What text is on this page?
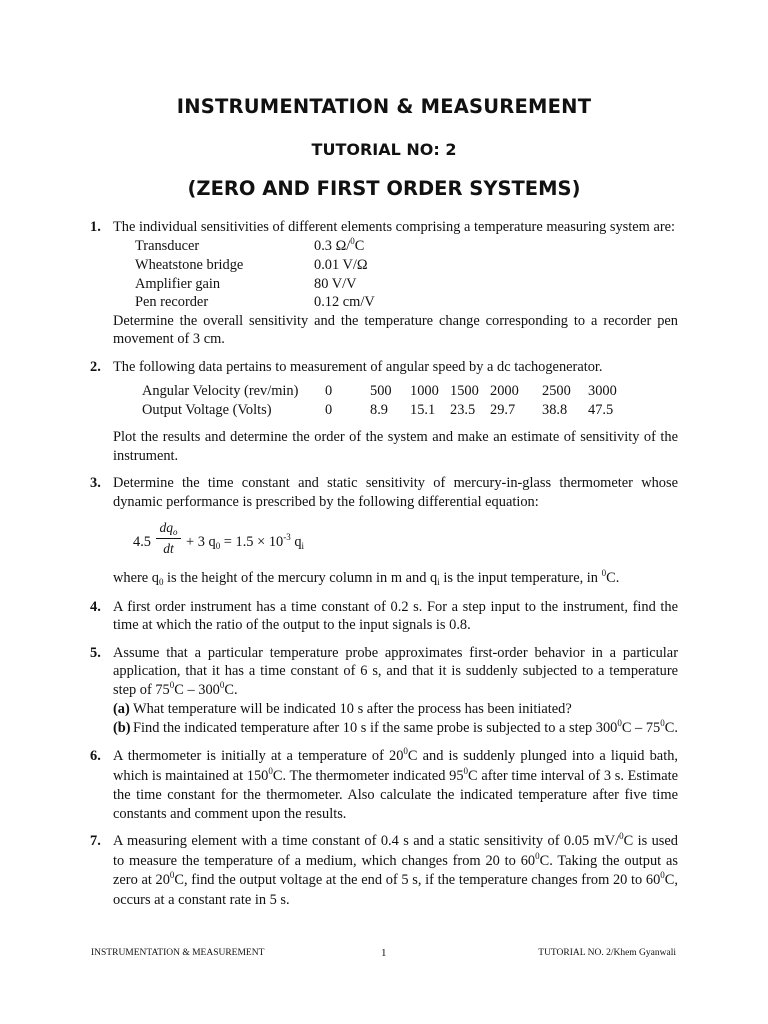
INSTRUMENTATION & MEASUREMENT
TUTORIAL NO: 2
(ZERO AND FIRST ORDER SYSTEMS)
1. The individual sensitivities of different elements comprising a temperature measuring system are:
Transducer	0.3 Ω/$^0$C
Wheatstone bridge	0.01 V/Ω
Amplifier gain	80 V/V
Pen recorder	0.12 cm/V
Determine the overall sensitivity and the temperature change corresponding to a recorder pen movement of 3 cm.
2. The following data pertains to measurement of angular speed by a dc tachogenerator.
Angular Velocity (rev/min)	0	500	1000	1500	2000	2500	3000
Output Voltage (Volts)	0	8.9	15.1	23.5	29.7	38.8	47.5
Plot the results and determine the order of the system and make an estimate of sensitivity of the instrument.
3. Determine the time constant and static sensitivity of mercury-in-glass thermometer whose dynamic performance is prescribed by the following differential equation:
4.5
$dq_o$
dt + 3 $q_0 = 1.5 \times 10^{-3}$ $q_i$
where $q_0$ is the height of the mercury column in m and $q_i$ is the input temperature, in $^0$C.
4. A first order instrument has a time constant of 0.2 s. For a step input to the instrument, find the time at which the ratio of the output to the input signals is 0.8.
5. Assume that a particular temperature probe approximates first-order behavior in a particular application, that it has a time constant of 6 s, and that it is suddenly subjected to a temperature step of $75^0C - 300^0C$.
(a) What temperature will be indicated 10 s after the process has been initiated?
(b) Find the indicated temperature after 10 s if the same probe is subjected to a step $300^0C - 75^0C$.
6. A thermometer is initially at a temperature of $20^0C$ and is suddenly plunged into a liquid bath, which is maintained at $150^0C$. The thermometer indicated $95^0C$ after time interval of 3 s. Estimate the time constant for the thermometer. Also calculate the indicated temperature after five time constants and comment upon the results.
7. A measuring element with a time constant of 0.4 s and a static sensitivity of 0.05 mV/$^0$C is used to measure the temperature of a medium, which changes from 20 to $60^0C$. Taking the output as zero at $20^0C$, find the output voltage at the end of 5 s, if the temperature changes from 20 to $60^0C$, occurs at a constant rate in 5 s.
INSTRUMENTATION & MEASUREMENT	1	TUTORIAL NO. 2/Khem Gyanwali
